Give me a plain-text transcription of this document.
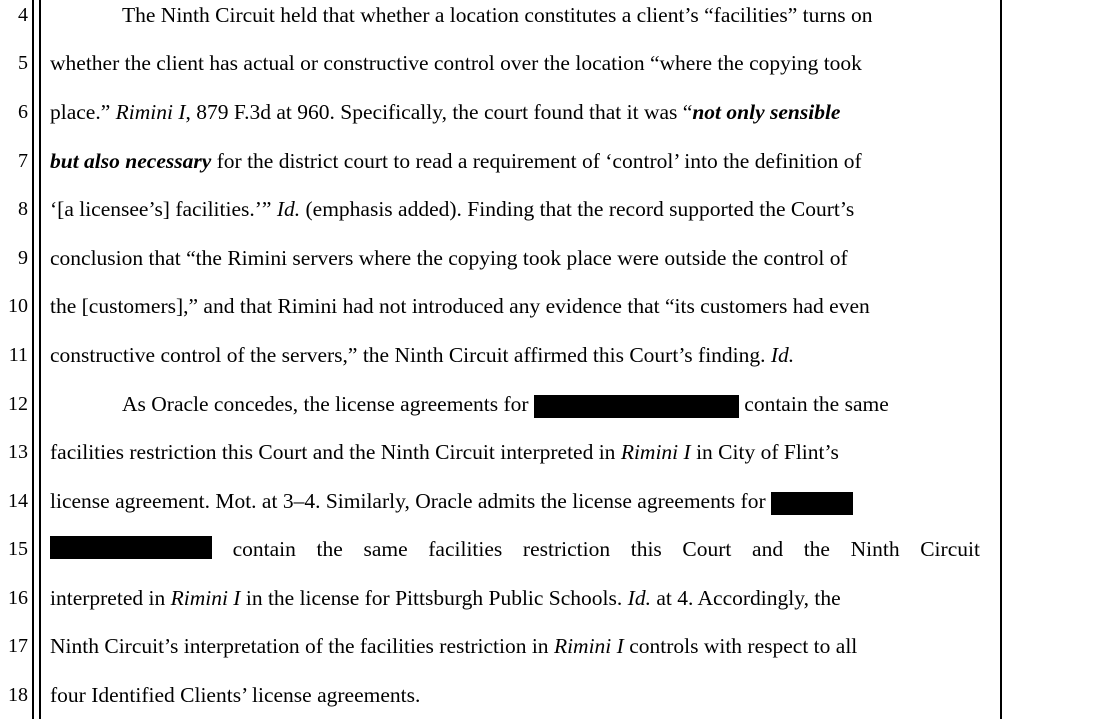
4
5
6
7
8
9
10
11
12
13
14
15
16
17
18
The Ninth Circuit held that whether a location constitutes a client’s “facilities” turns on
whether the client has actual or constructive control over the location “where the copying took
place.” Rimini I, 879 F.3d at 960. Specifically, the court found that it was “not only sensible
but also necessary for the district court to read a requirement of ‘control’ into the definition of
‘[a licensee’s] facilities.’” Id. (emphasis added). Finding that the record supported the Court’s
conclusion that “the Rimini servers where the copying took place were outside the control of
the [customers],” and that Rimini had not introduced any evidence that “its customers had even
constructive control of the servers,” the Ninth Circuit affirmed this Court’s finding. Id.
As Oracle concedes, the license agreements for	contain the same
facilities restriction this Court and the Ninth Circuit interpreted in Rimini I in City of Flint’s
license agreement. Mot. at 3–4. Similarly, Oracle admits the license agreements for
contain the same facilities restriction this Court and the Ninth Circuit
interpreted in Rimini I in the license for Pittsburgh Public Schools. Id. at 4. Accordingly, the
Ninth Circuit’s interpretation of the facilities restriction in Rimini I controls with respect to all
four Identified Clients’ license agreements.
